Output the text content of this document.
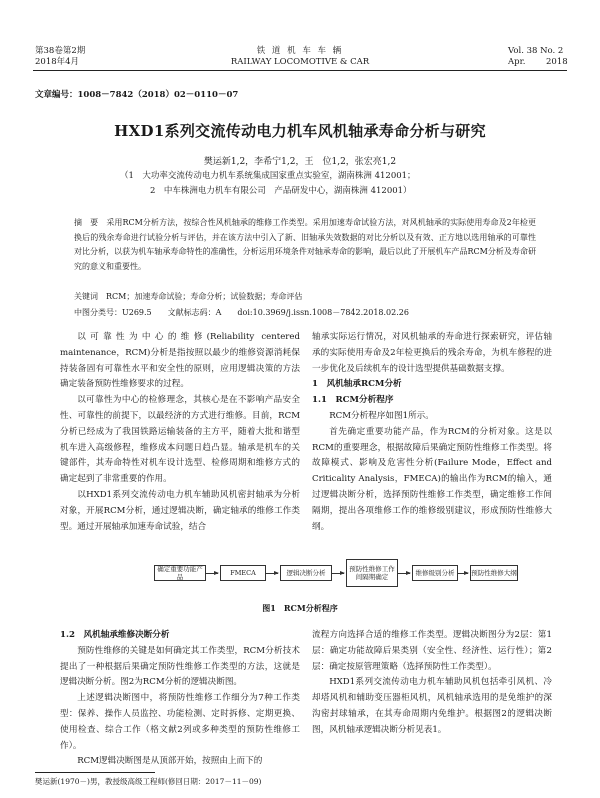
第38卷第2期
2018年4月
铁 道 机 车 车 辆
RAILWAY LOCOMOTIVE & CAR
Vol. 38 No. 2
Apr. 2018
文章编号：1008－7842（2018）02－0110－07
HXD1系列交流传动电力机车风机轴承寿命分析与研究
樊运新1,2，李希宁1,2，王　位1,2，张宏亮1,2
（1　大功率交流传动电力机车系统集成国家重点实验室，湖南株洲 412001；
2　中车株洲电力机车有限公司　产品研发中心，湖南株洲 412001）
摘　要　采用RCM分析方法，按综合性风机轴承的维修工作类型。采用加速寿命试验方法，对风机轴承的实际使用寿命及2年检更换后的残余寿命进行试验分析与评估，并在该方法中引入了新、旧轴承失效数据的对比分析以及有效、正方地以选用轴承的可靠性对比分析，以获为机车轴承寿命特性的准确性，分析运用环境条件对轴承寿命的影响，最后以此了开展机车产品RCM分析及寿命研究的意义和重要性。
关键词　RCM；加速寿命试验；寿命分析；试验数据；寿命评估
中图分类号：U269.5　　文献标志码：A　　doi:10.3969/j.issn.1008－7842.2018.02.26

以可靠性为中心的维修(Reliability centered maintenance，RCM)分析是指按照以最少的维修资源消耗保持装备固有可靠性水平和安全性的原则，应用逻辑决策的方法确定装备预防性维修要求的过程。

以可靠性为中心的检修理念，其核心是在不影响产品安全性、可靠性的前提下，以最经济的方式进行维修。目前，RCM分析已经成为了我国铁路运输装备的主方平，随着大批和谐型机车进入高级修程，维修成本问题日趋凸显。轴承是机车的关键部件，其寿命特性对机车设计选型、检修周期和维修方式的确定起到了非常重要的作用。

以HXD1系列交流传动电力机车辅助风机密封轴承为分析对象，开展RCM分析，通过逻辑决断，确定轴承的维修工作类型。通过开展轴承加速寿命试验，结合

轴承实际运行情况，对风机轴承的寿命进行探索研究，评估轴承的实际使用寿命及2年检更换后的残余寿命，为机车修程的进一步优化及后续机车的设计选型提供基础数据支撑。

1　风机轴承RCM分析

1.1　RCM分析程序

RCM分析程序如图1所示。

首先确定重要功能产品，作为RCM的分析对象。这是以RCM的重要理念，根据故障后果确定预防性维修工作类型。将故障模式、影响及危害性分析(Failure Mode，Effect and Criticality Analysis，FMECA)的输出作为RCM的输入，通过逻辑决断分析，选择预防性维修工作类型，确定维修工作间隔期，提出各项维修工作的维修级别建议，形成预防性维修大纲。

确定重要功能产品	FMECA	逻辑决断分析	预防性维修工作间隔期确定	维修级别分析	预防性维修大纲
图1　RCM分析程序

1.2　风机轴承维修决断分析

预防性维修的关键是如何确定其工作类型，RCM分析技术提出了一种根据后果确定预防性维修工作类型的方法，这就是逻辑决断分析。图2为RCM分析的逻辑决断图。

上述逻辑决断图中，将预防性维修工作细分为7种工作类型：保养、操作人员监控、功能检测、定时拆修、定期更换、使用检查、综合工作（格文献2列或多种类型的预防性维修工作）。

RCM逻辑决断图是从顶部开始，按照由上而下的

流程方向选择合适的维修工作类型。逻辑决断图分为2层：第1层：确定功能故障后果类别（安全性、经济性、运行性）；第2层：确定按原管理策略（选择预防性工作类型）。

HXD1系列交流传动电力机车辅助风机包括牵引风机、冷却塔风机和辅助变压器柜风机，风机轴承选用的是免维护的深沟密封球轴承，在其寿命周期内免维护。根据图2的逻辑决断图，风机轴承逻辑决断分析见表1。

樊运新(1970－)男，教授级高级工程师(修回日期：2017－11－09)
